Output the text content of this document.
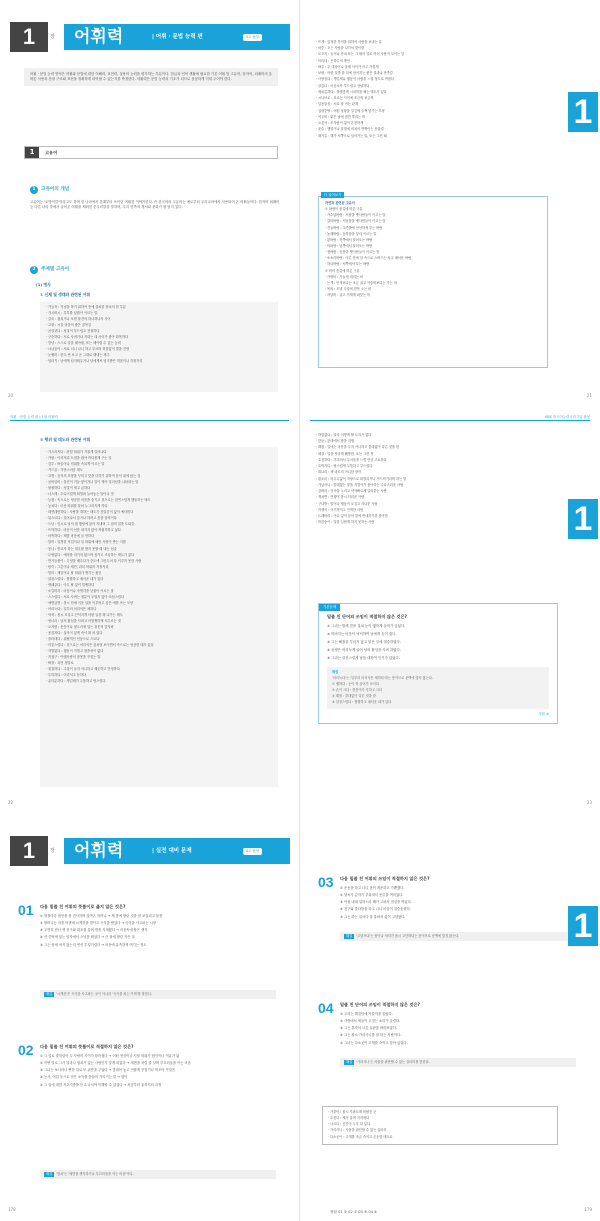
1	장 어휘력	| 어휘 · 문법 능력 편	4주 완성
어휘 · 문법 능력 영역은 어휘와 문법에 대한 이해력, 표현력, 실용어 능력을 평가하는 부분이다. 한글과 언어 생활에 필요한 기본 어휘 및 고유어, 한자어, 외래어의 올바른 사용과 문장 구조와 표현을 정확하게 파악할 수 있는지를 측정한다. 어휘력은 문법 능력의 기초가 되므로 꼼꼼하게 익혀 두어야 한다.
1	고유어
1 고유어의 개념
고유어는 '토박이말'이라고도 하며 한 나라에서 본래부터 쓰이던 어휘를 이야기한다. 즉 한국어의 고유어는 예로부터 우리나라에서 사용되어 온 어휘들이다. 한자어 외래어 등 다른 나라 말에서 들어온 어휘를 제외한 순우리말을 말하며, 우리 민족의 정서와 문화가 잘 담겨 있다.
2 주제별 고유어
(1) 명사
① 신체 및 생태와 관련된 어휘
· 가늠자 : 겨냥을 하기 위하여 총에 설치한 장치의 한 부분
· 가시버시 : 부부를 낮잡아 이르는 말
· 갈피 : 겹치거나 포갠 물건의 하나하나의 사이
· 고샅 : 시골 마을의 좁은 골목길
· 곰살궂다 : 성질이 부드럽고 친절하다
· 구순하다 : 서로 사귀거나 지내는 데 사이가 좋아 화목하다
· 깜냥 : 스스로 일을 헤아림, 또는 헤아릴 수 있는 능력
· 너나들이 : 서로 너니 나니 하고 부르며 허물없이 말을 건넴
· 눈썰미 : 한두 번 보고 곧 그대로 해내는 재주
· 덤터기 : 남에게 넘겨씌우거나 남에게서 넘겨받은 허물이나 걱정거리
20
· 뜨게 : 일정한 목적을 위하여 사람을 보내는 일
· 마중 : 오는 사람을 나가서 맞이함
· 모꼬지 : 놀이나 잔치 또는 그 밖의 일로 여러 사람이 모이는 일
· 미리내 : 은하수의 방언
· 바투 : 두 대상이나 물체 사이가 아주 가깝게
· 보람 : 어떤 일을 한 뒤에 얻어지는 좋은 결과나 만족감
· 사랑옵다 : 생김새나 행동이 사랑을 느낄 정도로 귀엽다
· 살갑다 : 마음씨가 부드럽고 상냥하다
· 새치름하다 : 쌀쌀맞게 시치미를 떼는 태도가 있다
· 시나브로 : 모르는 사이에 조금씩 조금씩
· 알음알음 : 서로 잘 아는 관계
· 얼렁뚱땅 : 어떤 상황을 얼김에 슬쩍 넘기는 모양
· 여우비 : 맑은 날에 잠깐 뿌리는 비
· 오롯이 : 모자람이 없이 온전하게
· 윤슬 : 햇빛이나 달빛에 비치어 반짝이는 잔물결
· 해거름 : 해가 서쪽으로 넘어가는 일, 또는 그런 때
더 알아보기
자연과 관련된 고유어
① 바람의 종류에 따른 구분
· 가수알바람 : 서풍을 뱃사람들이 이르는 말
· 갈마바람 : 서남풍을 뱃사람들이 이르는 말
· 건들바람 : 초가을에 선선하게 부는 바람
· 높새바람 : 동북풍을 달리 이르는 말
· 된바람 : 북쪽에서 불어오는 바람
· 마파람 : 남쪽에서 불어오는 바람
· 샛바람 : 동풍을 뱃사람들이 이르는 말
· 소소리바람 : 이른 봄에 살 속으로 스며드는 차고 매서운 바람
· 하늬바람 : 서쪽에서 부는 바람
② 비의 종류에 따른 구분
· 가랑비 : 가늘게 내리는 비
· 는개 : 안개보다는 조금 굵고 이슬비보다는 가는 비
· 목비 : 모낼 무렵에 한목 오는 비
· 작달비 : 굵고 거세게 퍼붓는 비
1
21
어휘 · 문법 능력 편 | 1장 어휘력
② 행위 및 태도와 관련된 어휘
· 가스러지다 : 잔털 따위가 거칠게 일어나다
· 가탈 : 이리저리 트집을 잡아 까다롭게 구는 일
· 감투 : 벼슬이나 직위를 속되게 이르는 말
· 거드름 : 거만스러운 태도
· 고명 : 음식의 모양을 꾸미고 맛을 더하기 위하여 음식 위에 얹는 것
· 곰비임비 : 물건이 거듭 쌓이거나 일이 계속 일어남을 나타내는 말
· 괄괄하다 : 성질이 세고 급하다
· 너스레 : 수다스럽게 떠벌려 늘어놓는 말이나 짓
· 능청 : 속으로는 엉큼한 마음을 숨기고 겉으로는 천연스럽게 행동하는 태도
· 눙치다 : 마음 따위를 풀어 누그러지게 하다
· 데면데면하다 : 사람을 대하는 태도가 친밀감이 없이 예사롭다
· 뒤스르다 : 일어나서 앉거나 하려고 몸을 움직이다
· 드난 : 임시로 남의 집 행랑에 붙어 지내며 그 집의 일을 도와줌
· 뜨악하다 : 마음이 선뜻 내키지 않아 꺼림칙하고 싫다
· 마뜩하다 : 제법 마음에 들 만하다
· 말미 : 일정한 직업이나 일 따위에 매인 사람이 받는 겨를
· 몽니 : 받고자 하는 대우를 받지 못할 때 내는 심술
· 무람없다 : 예의를 지키지 않으며 삼가고 조심하는 태도가 없다
· 반거들충이 : 무엇을 배우다가 중도에 그만두어 다 이루지 못한 사람
· 변죽 : 그릇이나 세간, 과녁 따위의 가장자리
· 빌미 : 재앙이나 탈 따위가 생기는 원인
· 살천스럽다 : 쌀쌀하고 매서운 데가 있다
· 생때같다 : 아무 탈 없이 멀쩡하다
· 소갈머리 : 마음이나 속생각을 낮잡아 이르는 말
· 스스럽다 : 서로 사귀는 정분이 두텁지 않아 조심스럽다
· 애면글면 : 몹시 힘에 겨운 일을 이루려고 갖은 애를 쓰는 모양
· 어리눅다 : 일부러 어리석은 체하다
· 억척 : 몹시 모질고 끈덕지게 어떤 일을 해 나가는 태도
· 엉너리 : 남의 환심을 사려고 어벌쩡하게 서두르는 짓
· 오지랖 : 웃옷이나 윗도리에 입는 겉옷의 앞자락
· 옹골지다 : 실속이 있게 속이 꽉 차 있다
· 을러대다 : 위협적인 언동으로 으르다
· 의뭉스럽다 : 겉으로는 어리석은 것처럼 보이면서 속으로는 엉큼한 데가 있다
· 자발없다 : 행동이 가볍고 참을성이 없다
· 지청구 : 아랫사람의 잘못을 꾸짖는 말
· 짜장 : 과연 정말로
· 칠칠하다 : 주접이 들지 아니하고 깨끗하고 단정하다
· 투미하다 : 어리석고 둔하다
· 푼더분하다 : 생김새가 두툼하고 탐스럽다
22
KBS 한국어능력시험 7일 완성
· 하릴없다 : 달리 어떻게 할 도리가 없다
· 한둔 : 한데에서 밤을 지냄
· 해찰 : 일에는 마음을 두지 아니하고 쓸데없이 다른 짓을 함
· 헤살 : 일을 짓궂게 훼방함, 또는 그런 짓
· 호젓하다 : 후미져서 무서움을 느낄 만큼 고요하다
· 흐벅지다 : 탐스럽게 두툼하고 부드럽다
· 희나리 : 채 마르지 아니한 장작
· 흰소리 : 터무니없이 자랑으로 떠벌리거나 거드럭거리며 하는 말
· 가납사니 : 쓸데없는 말을 지껄이기 좋아하는 수다스러운 사람
· 감바리 : 잇속을 노리고 약삭빠르게 달라붙는 사람
· 개차반 : 언행이 몹시 더러운 사람
· 구나방 : 말이나 행동이 모질고 사나운 사람
· 깍쟁이 : 이기적이고 인색한 사람
· 트레바리 : 이유 없이 남의 말에 반대하기를 좋아함
· 허릅숭이 : 일을 실답게 하지 못하는 사람
기본문제
밑줄 친 단어의 쓰임이 적절하지 않은 것은?
① 그녀는 밤새 잠을 설쳐 눈이 퀭하게 들어가 있었다.
② 아버지는 마음이 넉넉하여 남에게 손이 컸다.
③ 그는 해찰을 부리지 않고 맡은 일에 열중하였다.
④ 동생은 어리눅게 굴어 남의 환심을 사려 하였다.
⑤ 그녀는 살천스럽게 남을 대하여 인기가 없었다.
해설
'어리눅다'는 '일부러 어리석은 체하다'라는 뜻이므로 문맥에 맞지 않는다.
① 퀭하다 : 눈이 쑥 들어가 보이다
② 손이 크다 : 씀씀이가 후하고 크다
③ 해찰 : 쓸데없이 다른 짓을 함
⑤ 살천스럽다 : 쌀쌀하고 매서운 데가 있다
정답 ④
1
23
1	장 어휘력	| 실전 대비 문제	4주 완성
01 다음 밑줄 친 어휘의 뜻풀이로 옳지 않은 것은?
① 명절마다 집안을 잘 건사하며 살아온 어머니 → 제 몸에 딸린 것을 잘 보살피고 돌봄
② 할머니는 마을 어귀에 시게전을 벌이고 곡식을 팔았다 → 곡식을 사고파는 시장
③ 우연히 만난 옛 친구와 회포를 풀며 밤을 지새웠다 → 마음속에 품은 생각
④ 산 중턱에 있는 암자에서 스님을 뵈었다 → 큰 절에 딸린 작은 절
⑤ 그는 성에 차지 않는지 연신 투덜거렸다 → 마음에 흡족하게 여기는 정도
해설 '시게전'은 곡식을 사고파는 곳이 아니라 '곡식을 파는 가게'를 말한다.
02 다음 밑줄 친 어휘의 뜻풀이로 적절하지 않은 것은?
① 그 일로 말미암아 두 사람의 사이가 틀어졌다 → 어떤 현상이나 사물 따위가 원인이나 이유가 됨
② 이번 일로 그가 얼마나 염치가 없는 사람인지 알게 되었다 → 체면을 차릴 줄 알며 부끄러움을 아는 마음
③ 그녀는 보나마나 뻔한 일로 또 핀잔을 주었다 → 맞대어 놓고 언짢게 꾸짖거나 비꼬아 꾸짖음
④ 농사, 어업 등으로 얻은 소득을 통틀어 가리키는 말 → 벌이
⑤ 그 일에 대한 자초지종을 듣고 나서야 이해할 수 있었다 → 처음부터 끝까지의 과정
해설 '염치'는 '체면을 생각하거나 부끄러움을 아는 마음'이다.
178
03 다음 밑줄 친 어휘의 쓰임이 적절하지 않은 것은?
① 운동을 하고 나니 몸이 개운하고 가뿐했다.
② 날씨가 갑자기 추워져서 옷깃을 여미었다.
③ 아침 내내 일하느라 배가 고파서 점심을 먹었다.
④ 친구와 말다툼을 하고 나니 마음이 뒤숭숭했다.
⑤ 그는 하는 일마다 잘 풀려서 삶이 고달팠다.
해설 '고달프다'는 몸이나 처지가 몹시 고단하다는 뜻이므로 문맥에 맞지 않는다.
04 밑줄 친 단어의 쓰임이 적절하지 않은 것은?
① 우리는 해질녘에 가풀막을 올랐다.
② 사방에서 새들이 우짖는 소리가 들렸다.
③ 그는 혼자서 너른 들판을 바라보았다.
④ 그는 평소 가리사니를 잘 하는 사람이다.
⑤ 그녀는 다소곳이 고개를 숙이고 앉아 있었다.
해설 '가리사니'는 사물을 판단할 수 있는 실마리를 뜻한다.
· 가풀막 : 몹시 가파르게 비탈진 곳
· 우짖다 : 새가 울며 지저귀다
· 너르다 : 공간이 두루 다 넓다
· 가리사니 : 사물을 판단할 수 있는 실마리
· 다소곳이 : 고개를 조금 숙이고 온순한 태도로
정답 01 ② 02 ② 03 ⑤ 04 ④
1
179
